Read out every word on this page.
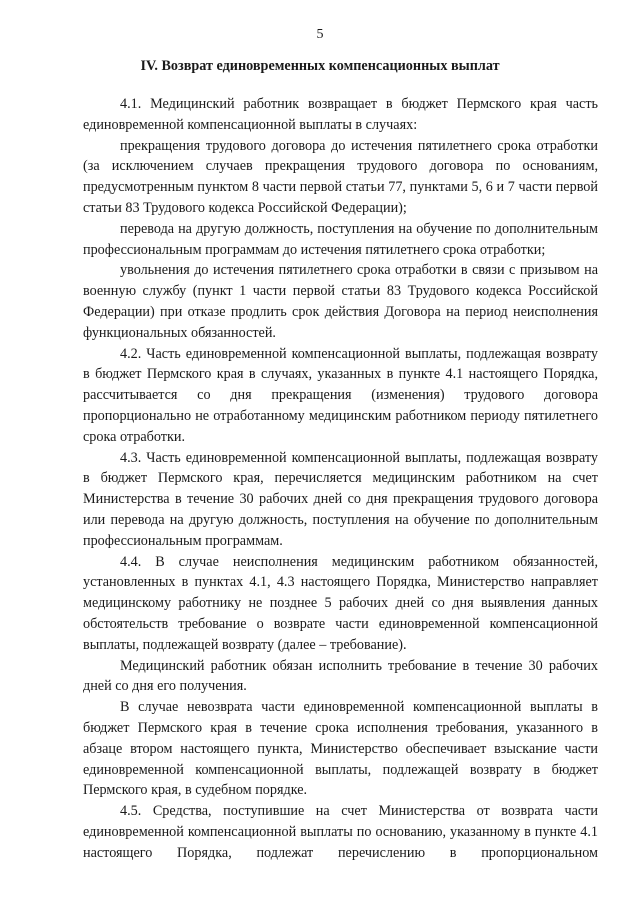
5
IV. Возврат единовременных компенсационных выплат

4.1. Медицинский работник возвращает в бюджет Пермского края часть единовременной компенсационной выплаты в случаях:

прекращения трудового договора до истечения пятилетнего срока отработки (за исключением случаев прекращения трудового договора по основаниям, предусмотренным пунктом 8 части первой статьи 77, пунктами 5, 6 и 7 части первой статьи 83 Трудового кодекса Российской Федерации);

перевода на другую должность, поступления на обучение по дополнительным профессиональным программам до истечения пятилетнего срока отработки;

увольнения до истечения пятилетнего срока отработки в связи с призывом на военную службу (пункт 1 части первой статьи 83 Трудового кодекса Российской Федерации) при отказе продлить срок действия Договора на период неисполнения функциональных обязанностей.

4.2. Часть единовременной компенсационной выплаты, подлежащая возврату в бюджет Пермского края в случаях, указанных в пункте 4.1 настоящего Порядка, рассчитывается со дня прекращения (изменения) трудового договора пропорционально не отработанному медицинским работником периоду пятилетнего срока отработки.

4.3. Часть единовременной компенсационной выплаты, подлежащая возврату в бюджет Пермского края, перечисляется медицинским работником на счет Министерства в течение 30 рабочих дней со дня прекращения трудового договора или перевода на другую должность, поступления на обучение по дополнительным профессиональным программам.

4.4. В случае неисполнения медицинским работником обязанностей, установленных в пунктах 4.1, 4.3 настоящего Порядка, Министерство направляет медицинскому работнику не позднее 5 рабочих дней со дня выявления данных обстоятельств требование о возврате части единовременной компенсационной выплаты, подлежащей возврату (далее – требование).

Медицинский работник обязан исполнить требование в течение 30 рабочих дней со дня его получения.

В случае невозврата части единовременной компенсационной выплаты в бюджет Пермского края в течение срока исполнения требования, указанного в абзаце втором настоящего пункта, Министерство обеспечивает взыскание части единовременной компенсационной выплаты, подлежащей возврату в бюджет Пермского края, в судебном порядке.

4.5. Средства, поступившие на счет Министерства от возврата части единовременной компенсационной выплаты по основанию, указанному в пункте 4.1 настоящего Порядка, подлежат перечислению в пропорциональном
